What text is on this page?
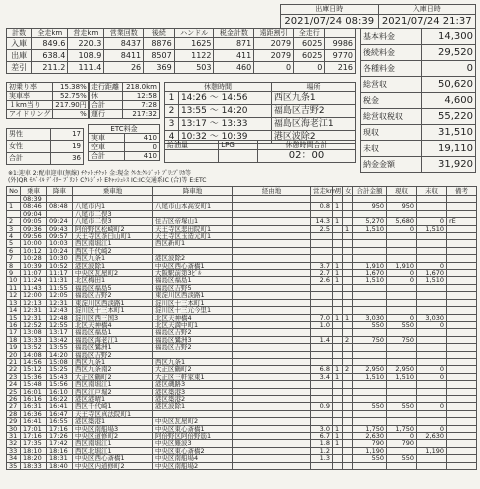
出庫日時	入庫日時
2021/07/24 08:39	2021/07/24 21:37
計数	全走km	営走km	営業回数	後続	ハンドル	税金計数	遠距割引	全走行	
入庫	849.6	220.3	8437	8876	1625	871	2079	6025	9986
出庫	638.4	108.9	8411	8507	1122	411	2079	6025	9770
差引	211.2	111.4	26	369	503	460	0	0	216
基本料金	14,300
後続料金	29,520
各種料金	0
総営収	50,620
税金	4,600
総営収税収	55,220
現収	31,510
未収	19,110
納金金額	31,920
初乗り率	15.38%
実車率	52.75%
１km当り	217.90円
アイドリング	%
男性	17
女性	19
合計	36
走行距離	218.0km
休	12:58
合計	7:28
運行	217:32
ETC料金	
実車	410
空車	0
合計	410
休憩時間		場所
1	14:26 ～ 14:56	西区九条1
2	13:55 ～ 14:20	福島区吉野2
3	13:17 ～ 13:33	福島区海老江1
4	10:32 ～ 10:39	港区波除2
給油量	LPG	休憩時間合計
		02：00
※1:迎車 2:配車迎車(無線) ﾁｹｯﾄ:ﾁｹｯﾄ 金:現金 ｸﾚｶ:ｸﾚｼﾞｯﾄ ﾌﾟﾘ:ﾌﾟﾘｶ等
(外)QR ﾓﾊﾞｲﾙ ﾃﾞｲﾘｰ ﾌﾞﾘﾝﾄ Cｸﾚｼﾞｯﾄ Eｷｬｯｼｭﾚｽ IC:IC交通系IC (合)等 E:ETC
No	乗車	降車	乗車地	降車地	経由地	営走km	男	女	合計金額	現収	未収	備考
	08:39											
1	08:46	08:48	八尾市内1	八尾市山本高安町1		0.8	1		950	950		
	09:04		八尾市二俣3									
2	09:05	09:24	八尾市二俣3	住吉区帝塚山1		14.3	1		5,270	5,680	0	rE
3	09:36	09:43	阿倍野区松崎町2	天王寺区悲田院町1		2.5		1	1,510	0	1,510	
4	09:56	09:57	天王寺区茶臼山町1	天王寺区玉造元町1								
5	10:00	10:03	西区南堀江1	西区新町1								
6	10:12	10:24	西区千代崎2									
7	10:28	10:30	西区九条1	港区波除2								
8	10:39	10:52	港区波除1	中央区西心斎橋1		3.7	1		1,910	1,910	0	
9	11:07	11:17	中央区瓦屋町2	大阪駅前第3ﾋﾞﾙ		2.7	1		1,670	0	1,670	
10	11:24	11:31	北区梅田1	福島区福島1		2.6	1		1,510	0	1,510	
11	11:43	11:55	福島区福島5	福島区吉野5								
12	12:00	12:05	福島区吉野2	東淀川区西淡路1								
13	12:13	12:31	東淀川区西淡路1	淀川区十三本町1								
14	12:31	12:43	淀川区十三本町1	淀川区十三元今里1								
15	12:31	12:48	淀川区西三国3	北区天神橋4		7.0	1	1	3,030	0	3,030	
16	12:52	12:55	北区天神橋4	北区天満中町1		1.0			550	550	0	
17	13:08	13:17	福島区福島1	福島区吉野2								
18	13:33	13:42	福島区海老江1	福島区鷺洲3		1.4		2	750	750		
19	13:52	13:55	福島区鷺洲1	福島区吉野2								
20	14:08	14:20	福島区吉野2									
21	14:56	15:08	西区九条1	西区九条1								
22	15:12	15:25	西区九条南2	大正区鶴町2		6.8	1	2	2,950	2,950	0	
23	15:36	15:43	大正区鶴町2	大正区三軒家東1		3.4	1		1,510	1,510	0	
24	15:48	15:56	西区南堀江1	港区磯路3								
25	16:01	16:10	西区江戸堀2	港区築港3								
26	16:16	16:22	港区港晴1	港区築港2								
27	16:31	16:41	西区千代崎1	港区波除1		0.9			550	550	0	
28	16:36	16:47	天王寺区真法院町1									
29	16:41	16:55	港区築港1	中央区瓦屋町2								
30	17:01	17:16	中央区南船場3	中央区東心斎橋1		3.0	1		1,750	1,750	0	
31	17:16	17:26	中央区道修町2	阿倍野区阿倍野筋1		6.7	1		2,630	0	2,630	
32	17:35	17:42	西区南堀江1	中央区難波3		1.8	1		790	790		
33	18:10	18:16	西区北堀江1	中央区東心斎橋2		1.2			1,190		1,190	
34	18:20	18:31	中央区西心斎橋1	中央区南船場4		1.3			550	550		
35	18:33	18:40	中央区内道修町2	中央区南船場2								
